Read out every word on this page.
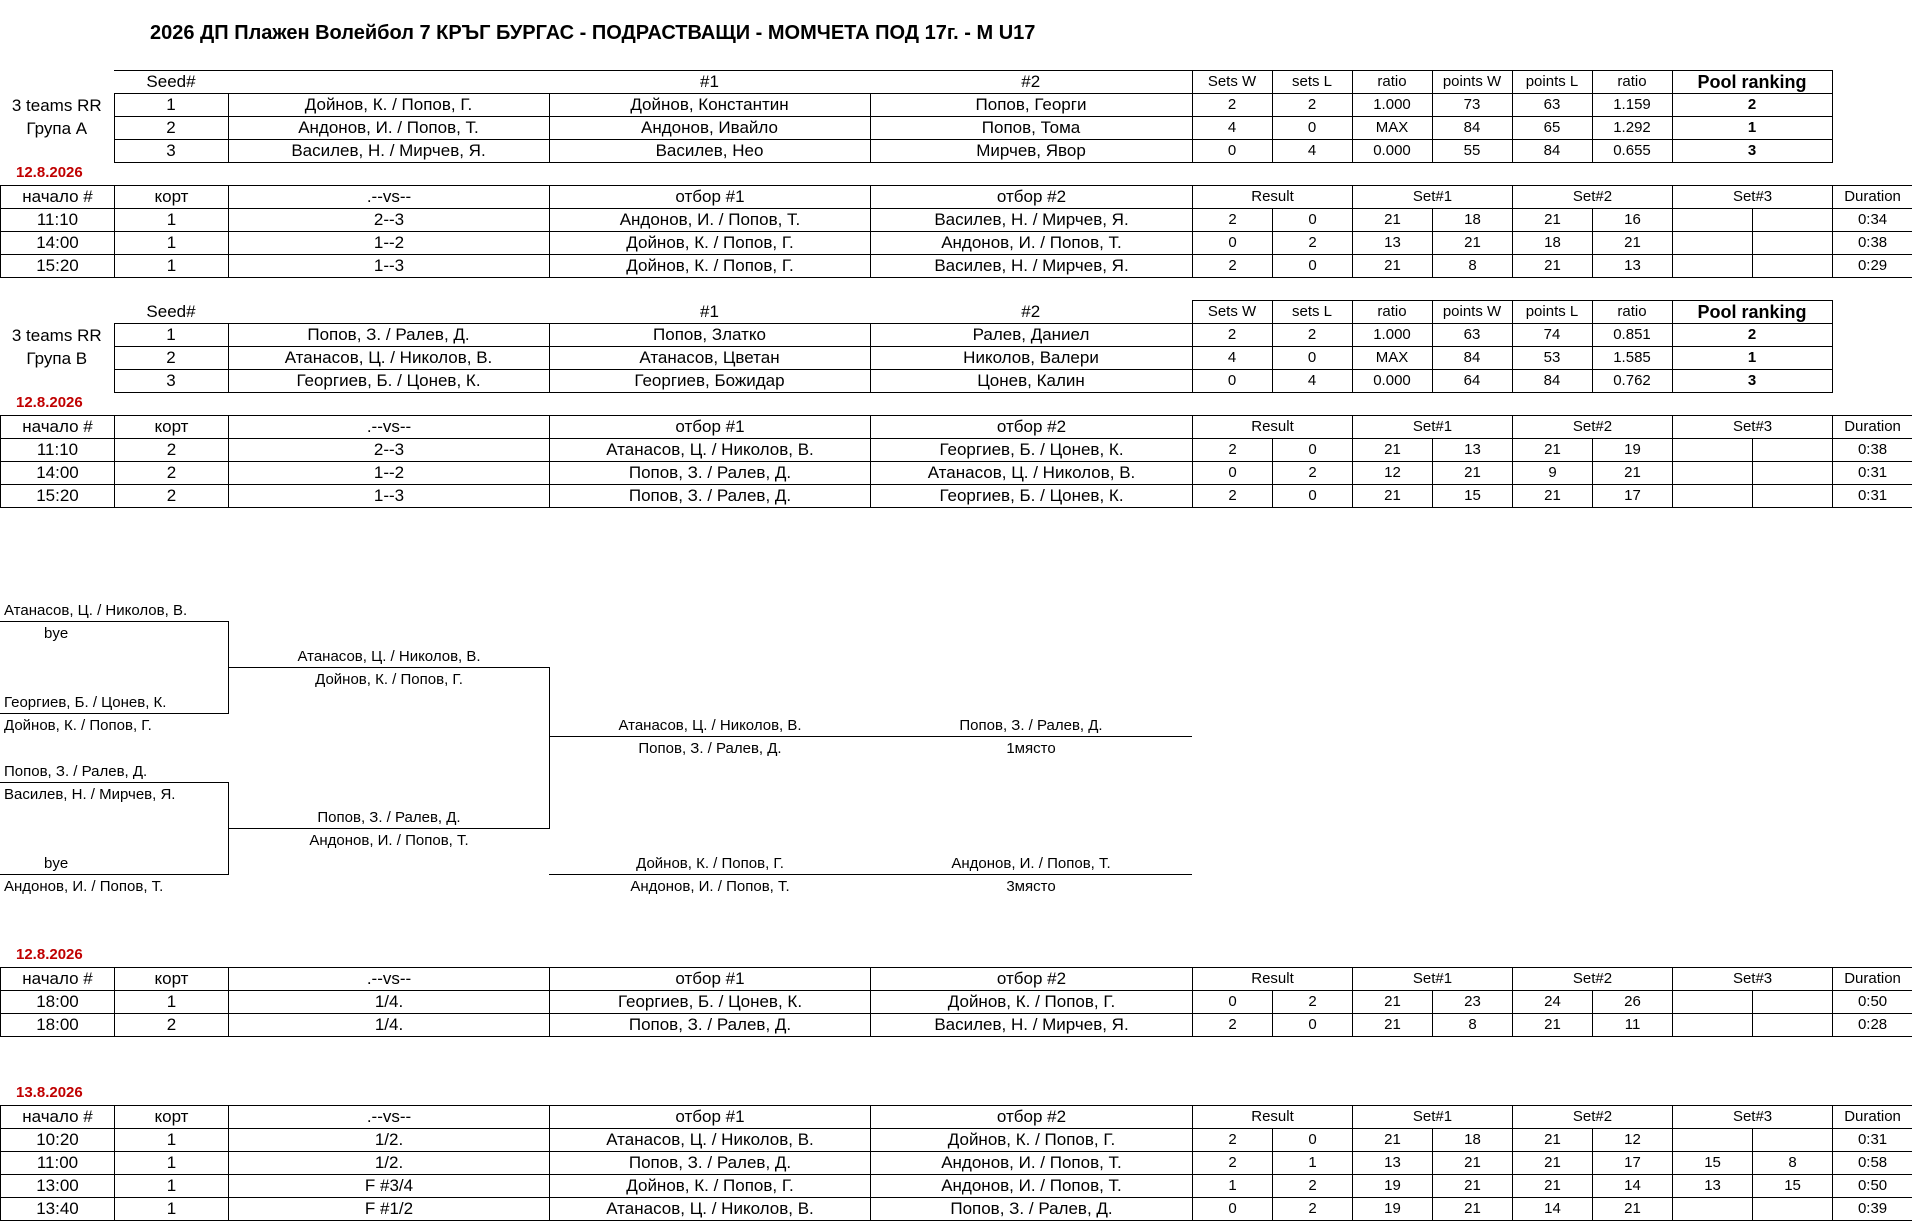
2026 ДП Плажен Волейбол 7 КРЪГ БУРГАС - ПОДРАСТВАЩИ - МОМЧЕТА ПОД 17г. - М U17
	Seed#		#1	#2	Sets W	sets L	ratio	points W	points L	ratio	Pool ranking
3 teams RR	1	Дойнов, К. / Попов, Г.	Дойнов, Константин	Попов, Георги	2	2	1.000	73	63	1.159	2
Група А	2	Андонов, И. / Попов, Т.	Андонов, Ивайло	Попов, Тома	4	0	MAX	84	65	1.292	1
	3	Василев, Н. / Мирчев, Я.	Василев, Нео	Мирчев, Явор	0	4	0.000	55	84	0.655	3
12.8.2026
начало #	корт	.--vs--	отбор #1	отбор #2	Result		Set#1		Set#2		Set#3		Duration
11:10	1	2--3	Андонов, И. / Попов, Т.	Василев, Н. / Мирчев, Я.	2	0	21	18	21	16			0:34
14:00	1	1--2	Дойнов, К. / Попов, Г.	Андонов, И. / Попов, Т.	0	2	13	21	18	21			0:38
15:20	1	1--3	Дойнов, К. / Попов, Г.	Василев, Н. / Мирчев, Я.	2	0	21	8	21	13			0:29
	Seed#		#1	#2	Sets W	sets L	ratio	points W	points L	ratio	Pool ranking
3 teams RR	1	Попов, З. / Ралев, Д.	Попов, Златко	Ралев, Даниел	2	2	1.000	63	74	0.851	2
Група В	2	Атанасов, Ц. / Николов, В.	Атанасов, Цветан	Николов, Валери	4	0	MAX	84	53	1.585	1
	3	Георгиев, Б. / Цонев, К.	Георгиев, Божидар	Цонев, Калин	0	4	0.000	64	84	0.762	3
12.8.2026
начало #	корт	.--vs--	отбор #1	отбор #2	Result		Set#1		Set#2		Set#3		Duration
11:10	2	2--3	Атанасов, Ц. / Николов, В.	Георгиев, Б. / Цонев, К.	2	0	21	13	21	19			0:38
14:00	2	1--2	Попов, З. / Ралев, Д.	Атанасов, Ц. / Николов, В.	0	2	12	21	9	21			0:31
15:20	2	1--3	Попов, З. / Ралев, Д.	Георгиев, Б. / Цонев, К.	2	0	21	15	21	17			0:31
Атанасов, Ц. / Николов, В.
bye
Георгиев, Б. / Цонев, К.
Дойнов, К. / Попов, Г.
Попов, З. / Ралев, Д.
Василев, Н. / Мирчев, Я.
bye
Андонов, И. / Попов, Т.
Атанасов, Ц. / Николов, В.
Дойнов, К. / Попов, Г.
Попов, З. / Ралев, Д.
Андонов, И. / Попов, Т.
Атанасов, Ц. / Николов, В.
Попов, З. / Ралев, Д.
Попов, З. / Ралев, Д.
1място
Дойнов, К. / Попов, Г.
Андонов, И. / Попов, Т.
Андонов, И. / Попов, Т.
3място
12.8.2026
начало #	корт	.--vs--	отбор #1	отбор #2	Result		Set#1		Set#2		Set#3		Duration
18:00	1	1/4.	Георгиев, Б. / Цонев, К.	Дойнов, К. / Попов, Г.	0	2	21	23	24	26			0:50
18:00	2	1/4.	Попов, З. / Ралев, Д.	Василев, Н. / Мирчев, Я.	2	0	21	8	21	11			0:28
13.8.2026
начало #	корт	.--vs--	отбор #1	отбор #2	Result		Set#1		Set#2		Set#3		Duration
10:20	1	1/2.	Атанасов, Ц. / Николов, В.	Дойнов, К. / Попов, Г.	2	0	21	18	21	12			0:31
11:00	1	1/2.	Попов, З. / Ралев, Д.	Андонов, И. / Попов, Т.	2	1	13	21	21	17	15	8	0:58
13:00	1	F #3/4	Дойнов, К. / Попов, Г.	Андонов, И. / Попов, Т.	1	2	19	21	21	14	13	15	0:50
13:40	1	F #1/2	Атанасов, Ц. / Николов, В.	Попов, З. / Ралев, Д.	0	2	19	21	14	21			0:39
